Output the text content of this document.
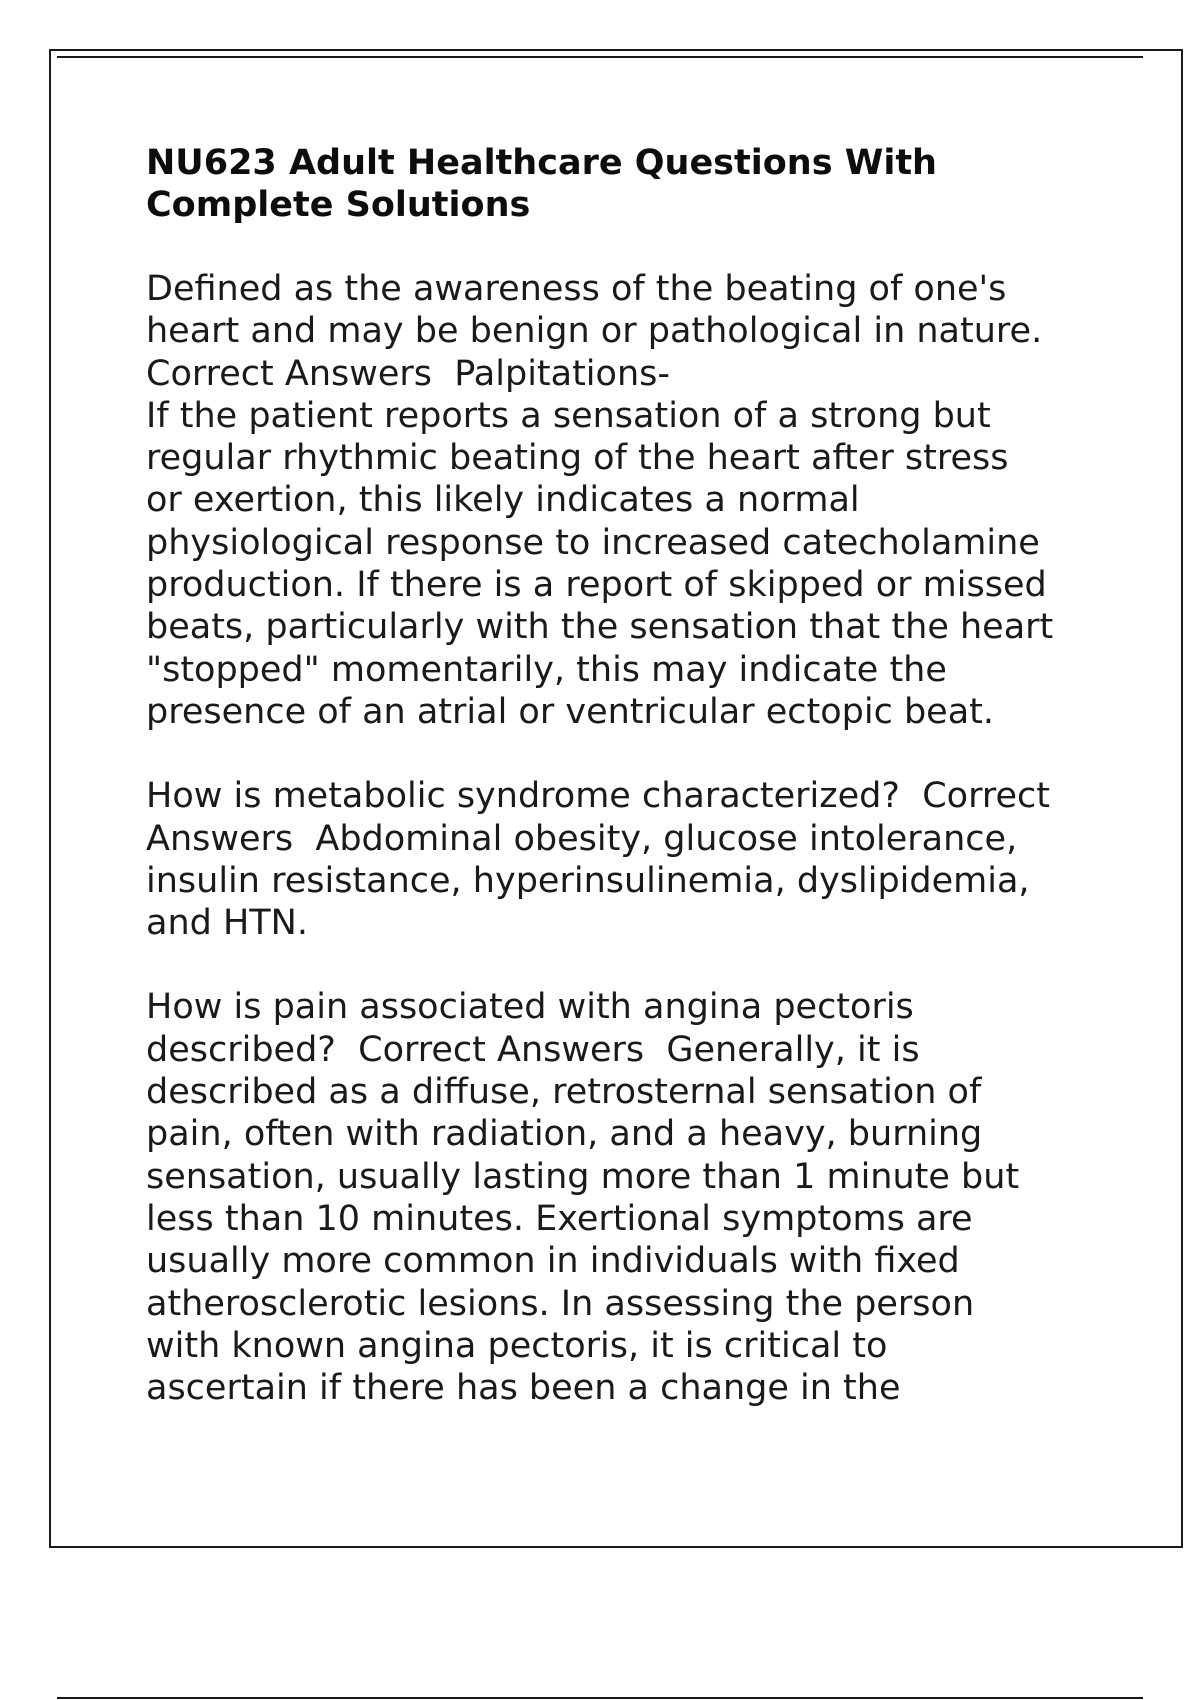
NU623 Adult Healthcare Questions With
Complete Solutions

Defined as the awareness of the beating of one's
heart and may be benign or pathological in nature.
Correct Answers  Palpitations-
If the patient reports a sensation of a strong but
regular rhythmic beating of the heart after stress
or exertion, this likely indicates a normal
physiological response to increased catecholamine
production. If there is a report of skipped or missed
beats, particularly with the sensation that the heart
"stopped" momentarily, this may indicate the
presence of an atrial or ventricular ectopic beat.

How is metabolic syndrome characterized?  Correct
Answers  Abdominal obesity, glucose intolerance,
insulin resistance, hyperinsulinemia, dyslipidemia,
and HTN.

How is pain associated with angina pectoris
described?  Correct Answers  Generally, it is
described as a diffuse, retrosternal sensation of
pain, often with radiation, and a heavy, burning
sensation, usually lasting more than 1 minute but
less than 10 minutes. Exertional symptoms are
usually more common in individuals with fixed
atherosclerotic lesions. In assessing the person
with known angina pectoris, it is critical to
ascertain if there has been a change in the
